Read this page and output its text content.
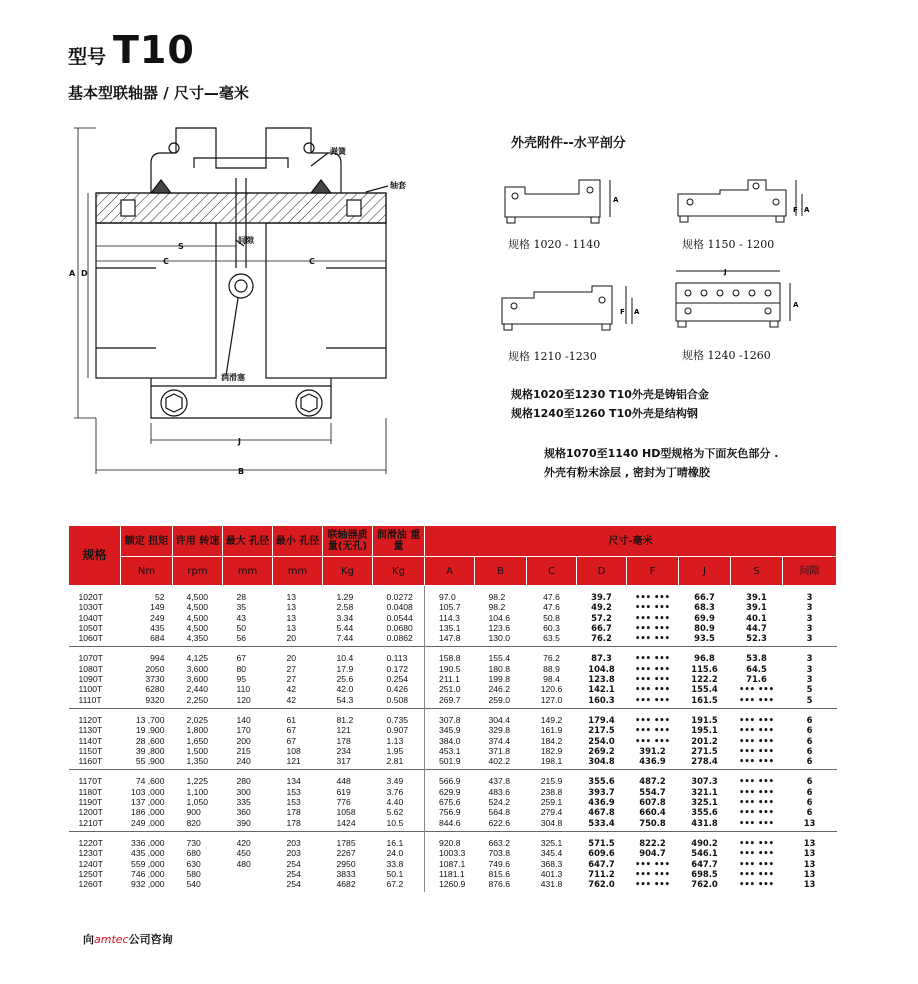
型号 T10
基本型联轴器 / 尺寸—毫米
弹簧
轴套
间隙
润滑塞
A D
S
C	C
J
B
外壳附件--水平剖分
A
规格 1020 - 1140
F A
规格 1150 - 1200
F A
规格 1210 -1230
J
A
规格 1240 -1260
规格1020至1230 T10外壳是铸铝合金
规格1240至1260 T10外壳是结构钢
规格1070至1140 HD型规格为下面灰色部分 .
外壳有粉末涂层 , 密封为丁晴橡胶
规格	额定 扭矩	许用 转速	最大 孔径	最小 孔径	联轴器质 量(无孔)	润滑油 重量	尺寸-毫米							
	Nm	rpm	mm	mm	Kg	Kg	A	B	C	D	F	J	S	间隙
1020T	52	4,500	28	13	1.29	0.0272	97.0	98.2	47.6	39.7	••• •••	66.7	39.1	3
1030T	149	4,500	35	13	2.58	0.0408	105.7	98.2	47.6	49.2	••• •••	68.3	39.1	3
1040T	249	4,500	43	13	3.34	0.0544	114.3	104.6	50.8	57.2	••• •••	69.9	40.1	3
1050T	435	4,500	50	13	5.44	0.0680	135.1	123.6	60.3	66.7	••• •••	80.9	44.7	3
1060T	684	4,350	56	20	7.44	0.0862	147.8	130.0	63.5	76.2	••• •••	93.5	52.3	3
1070T	994	4,125	67	20	10.4	0.113	158.8	155.4	76.2	87.3	••• •••	96.8	53.8	3
1080T	2050	3,600	80	27	17.9	0.172	190.5	180.8	88.9	104.8	••• •••	115.6	64.5	3
1090T	3730	3,600	95	27	25.6	0.254	211.1	199.8	98.4	123.8	••• •••	122.2	71.6	3
1100T	6280	2,440	110	42	42.0	0.426	251.0	246.2	120.6	142.1	••• •••	155.4	••• •••	5
1110T	9320	2,250	120	42	54.3	0.508	269.7	259.0	127.0	160.3	••• •••	161.5	••• •••	5
1120T	13 ,700	2,025	140	61	81.2	0.735	307.8	304.4	149.2	179.4	••• •••	191.5	••• •••	6
1130T	19 ,900	1,800	170	67	121	0.907	345.9	329.8	161.9	217.5	••• •••	195.1	••• •••	6
1140T	28 ,600	1,650	200	67	178	1.13	384.0	374.4	184.2	254.0	••• •••	201.2	••• •••	6
1150T	39 ,800	1,500	215	108	234	1.95	453.1	371.8	182.9	269.2	391.2	271.5	••• •••	6
1160T	55 ,900	1,350	240	121	317	2.81	501.9	402.2	198.1	304.8	436.9	278.4	••• •••	6
1170T	74 ,600	1,225	280	134	448	3.49	566.9	437.8	215.9	355.6	487.2	307.3	••• •••	6
1180T	103 ,000	1,100	300	153	619	3.76	629.9	483.6	238.8	393.7	554.7	321.1	••• •••	6
1190T	137 ,000	1,050	335	153	776	4.40	675.6	524.2	259.1	436.9	607.8	325.1	••• •••	6
1200T	186 ,000	900	360	178	1058	5.62	756.9	564.8	279.4	467.8	660.4	355.6	••• •••	6
1210T	249 ,000	820	390	178	1424	10.5	844.6	622.6	304.8	533.4	750.8	431.8	••• •••	13
1220T	336 ,000	730	420	203	1785	16.1	920.8	663.2	325.1	571.5	822.2	490.2	••• •••	13
1230T	435 ,000	680	450	203	2267	24.0	1003.3	703.8	345.4	609.6	904.7	546.1	••• •••	13
1240T	559 ,000	630	480	254	2950	33.8	1087.1	749.6	368.3	647.7	••• •••	647.7	••• •••	13
1250T	746 ,000	580		254	3833	50.1	1181.1	815.6	401.3	711.2	••• •••	698.5	••• •••	13
1260T	932 ,000	540		254	4682	67.2	1260.9	876.6	431.8	762.0	••• •••	762.0	••• •••	13
向amtec公司咨询
